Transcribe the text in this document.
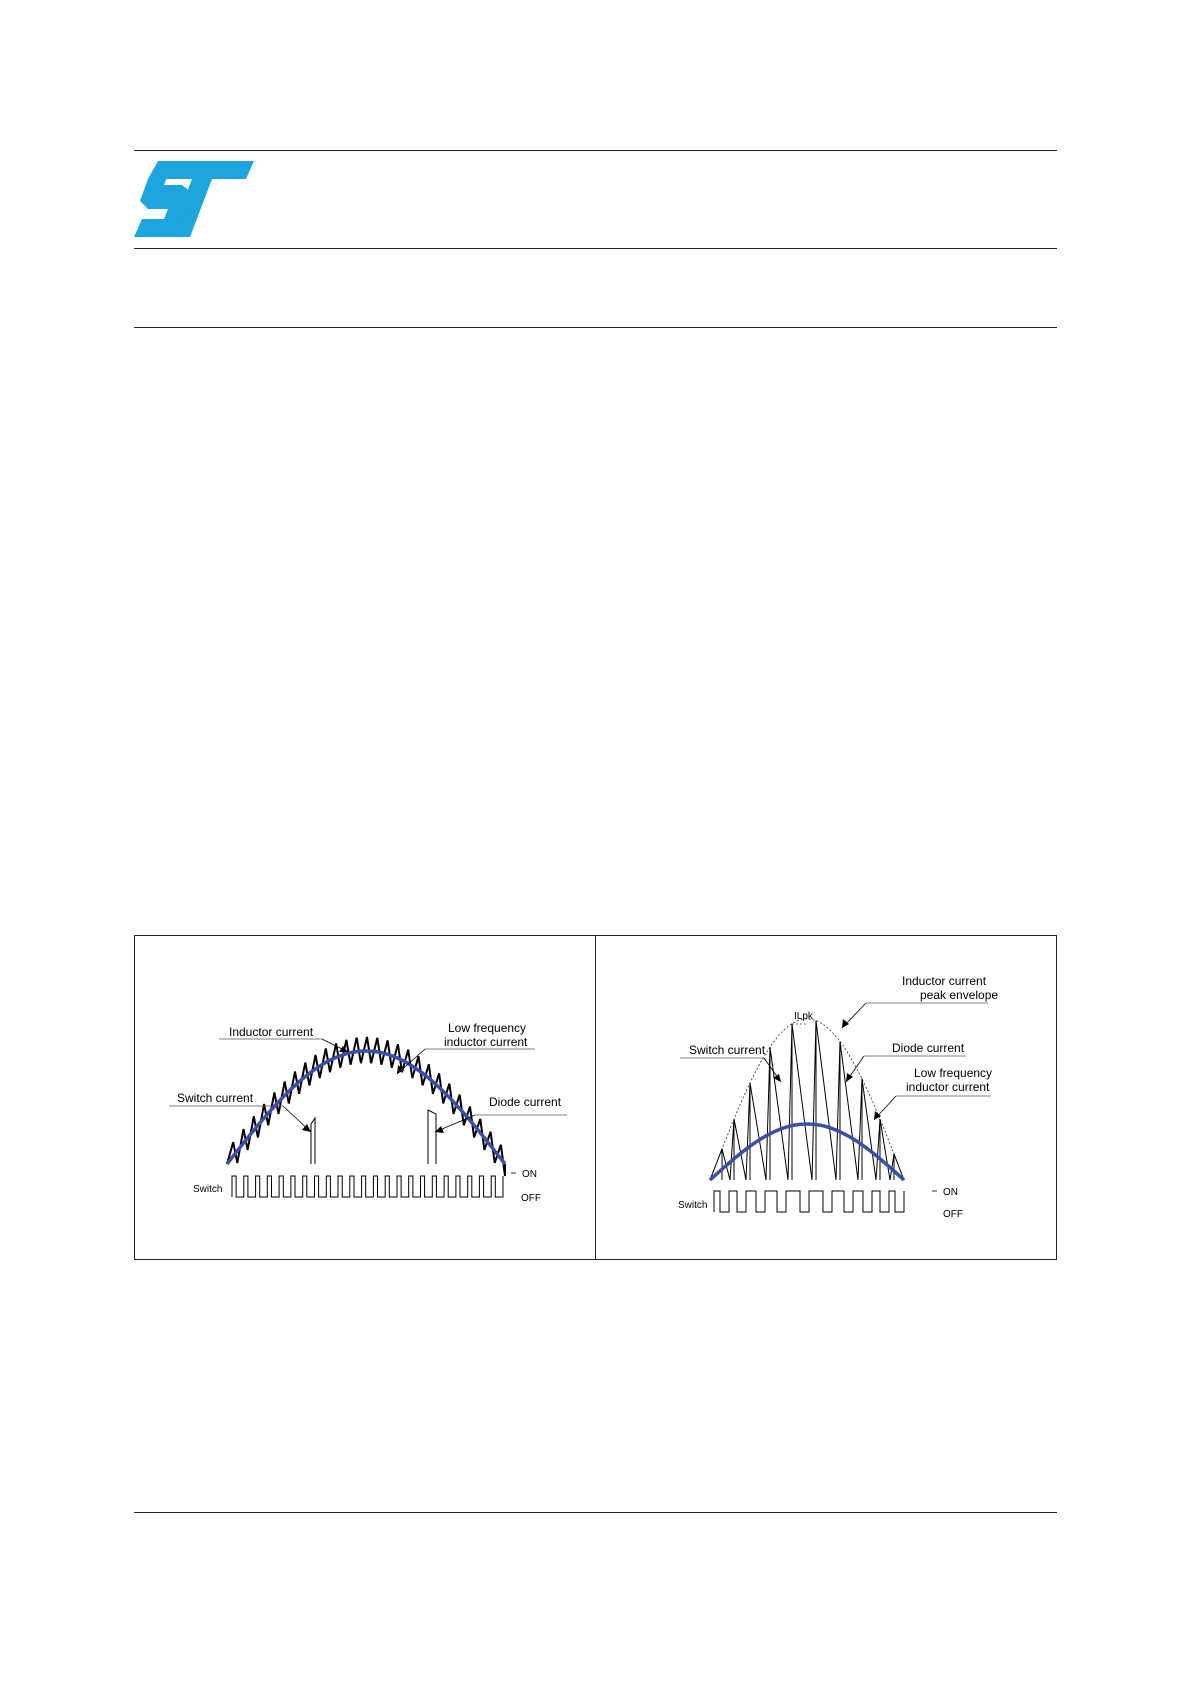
Inductor current	Low frequency
inductor current
Switch current	Diode current
Switch
ON
OFF
Inductor current
peak envelope
ILpk
Switch current	Diode current
Low frequency
inductor current
Switch
ON
OFF
